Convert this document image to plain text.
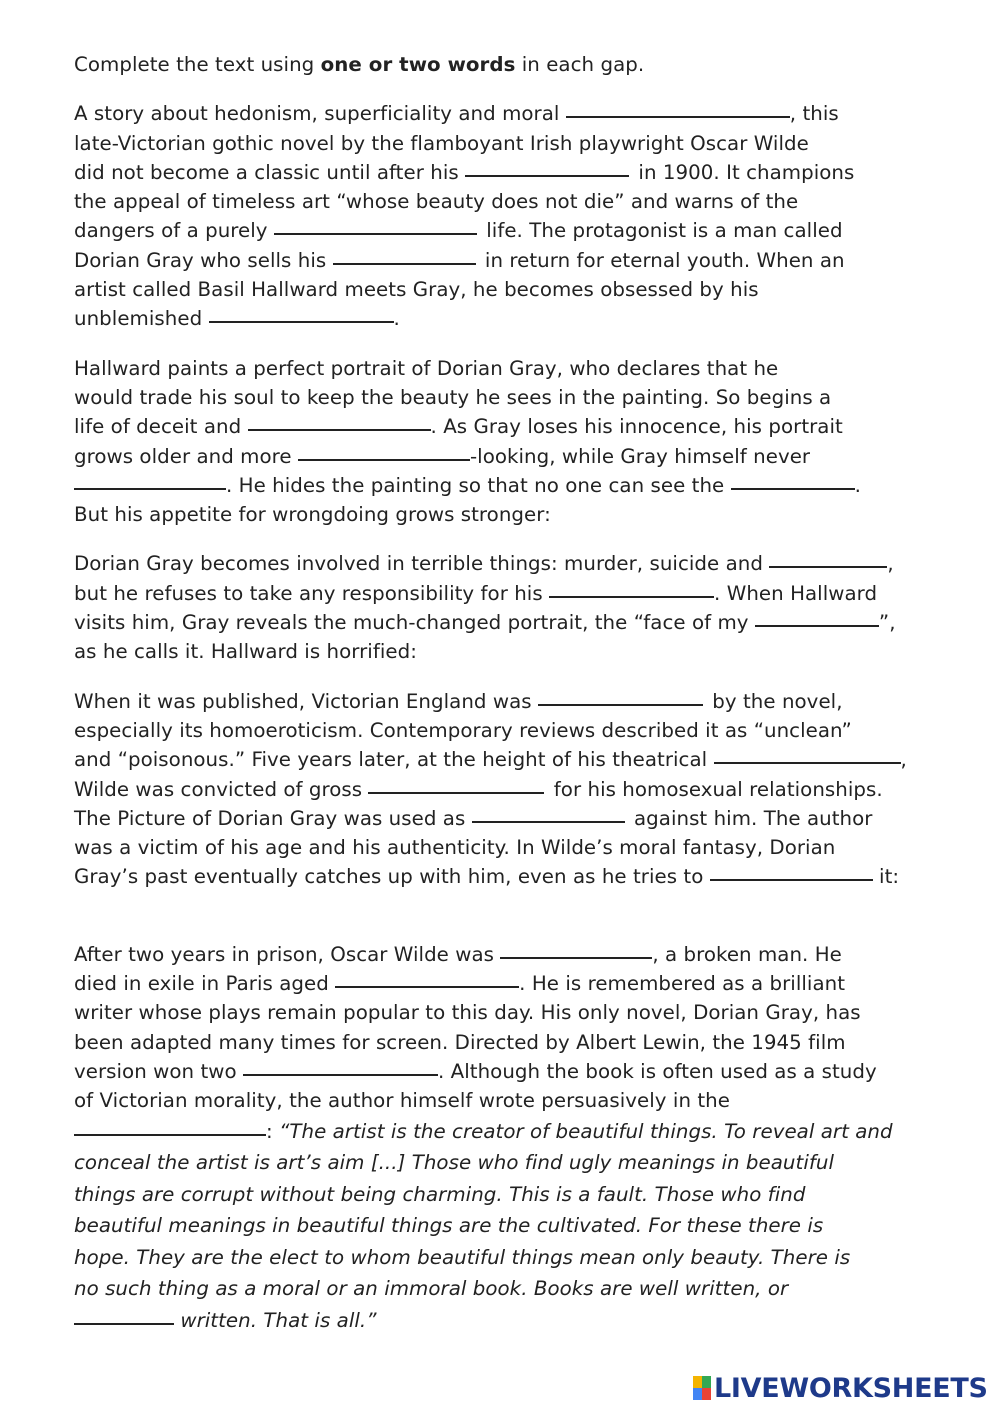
Complete the text using one or two words in each gap.

A story about hedonism, superficiality and moral	, this
late-Victorian gothic novel by the flamboyant Irish playwright Oscar Wilde
did not become a classic until after his	in 1900. It champions
the appeal of timeless art “whose beauty does not die” and warns of the
dangers of a purely	life. The protagonist is a man called
Dorian Gray who sells his	in return for eternal youth. When an
artist called Basil Hallward meets Gray, he becomes obsessed by his
unblemished	.
Hallward paints a perfect portrait of Dorian Gray, who declares that he
would trade his soul to keep the beauty he sees in the painting. So begins a
life of deceit and	. As Gray loses his innocence, his portrait
grows older and more	-looking, while Gray himself never
. He hides the painting so that no one can see the	.
But his appetite for wrongdoing grows stronger:
Dorian Gray becomes involved in terrible things: murder, suicide and	,
but he refuses to take any responsibility for his	. When Hallward
visits him, Gray reveals the much-changed portrait, the “face of my	”,
as he calls it. Hallward is horrified:
When it was published, Victorian England was	by the novel,
especially its homoeroticism. Contemporary reviews described it as “unclean”
and “poisonous.” Five years later, at the height of his theatrical	,
Wilde was convicted of gross	for his homosexual relationships.
The Picture of Dorian Gray was used as	against him. The author
was a victim of his age and his authenticity. In Wilde’s moral fantasy, Dorian
Gray’s past eventually catches up with him, even as he tries to	it:
After two years in prison, Oscar Wilde was	, a broken man. He
died in exile in Paris aged	. He is remembered as a brilliant
writer whose plays remain popular to this day. His only novel, Dorian Gray, has
been adapted many times for screen. Directed by Albert Lewin, the 1945 film
version won two	. Although the book is often used as a study
of Victorian morality, the author himself wrote persuasively in the
: “The artist is the creator of beautiful things. To reveal art and
conceal the artist is art’s aim [...] Those who find ugly meanings in beautiful
things are corrupt without being charming. This is a fault. Those who find
beautiful meanings in beautiful things are the cultivated. For these there is
hope. They are the elect to whom beautiful things mean only beauty. There is
no such thing as a moral or an immoral book. Books are well written, or
written. That is all.”
LIVEWORKSHEETS
